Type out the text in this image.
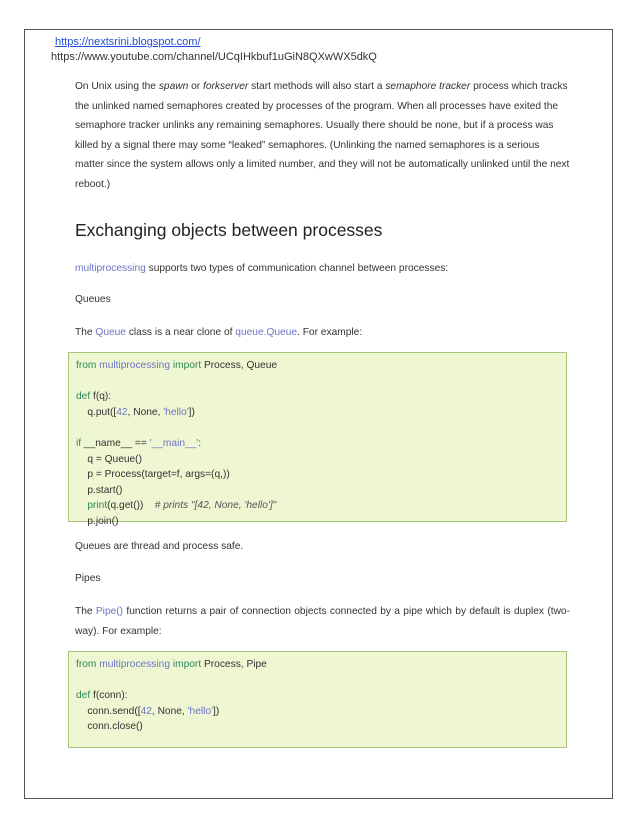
https://nextsrini.blogspot.com/
https://www.youtube.com/channel/UCqIHkbuf1uGiN8QXwWX5dkQ

On Unix using the spawn or forkserver start methods will also start a semaphore tracker process which tracks the unlinked named semaphores created by processes of the program. When all processes have exited the semaphore tracker unlinks any remaining semaphores. Usually there should be none, but if a process was killed by a signal there may some “leaked” semaphores. (Unlinking the named semaphores is a serious matter since the system allows only a limited number, and they will not be automatically unlinked until the next reboot.)

Exchanging objects between processes

multiprocessing supports two types of communication channel between processes:

Queues

The Queue class is a near clone of queue.Queue. For example:

from multiprocessing import Process, Queue

def f(q):
q.put([42, None, 'hello'])

if __name__ == '__main__':
q = Queue()
p = Process(target=f, args=(q,))
p.start()
print(q.get())    # prints "[42, None, 'hello']"
p.join()

Queues are thread and process safe.

Pipes

The Pipe() function returns a pair of connection objects connected by a pipe which by default is duplex (two-way). For example:

from multiprocessing import Process, Pipe

def f(conn):
conn.send([42, None, 'hello'])
conn.close()
